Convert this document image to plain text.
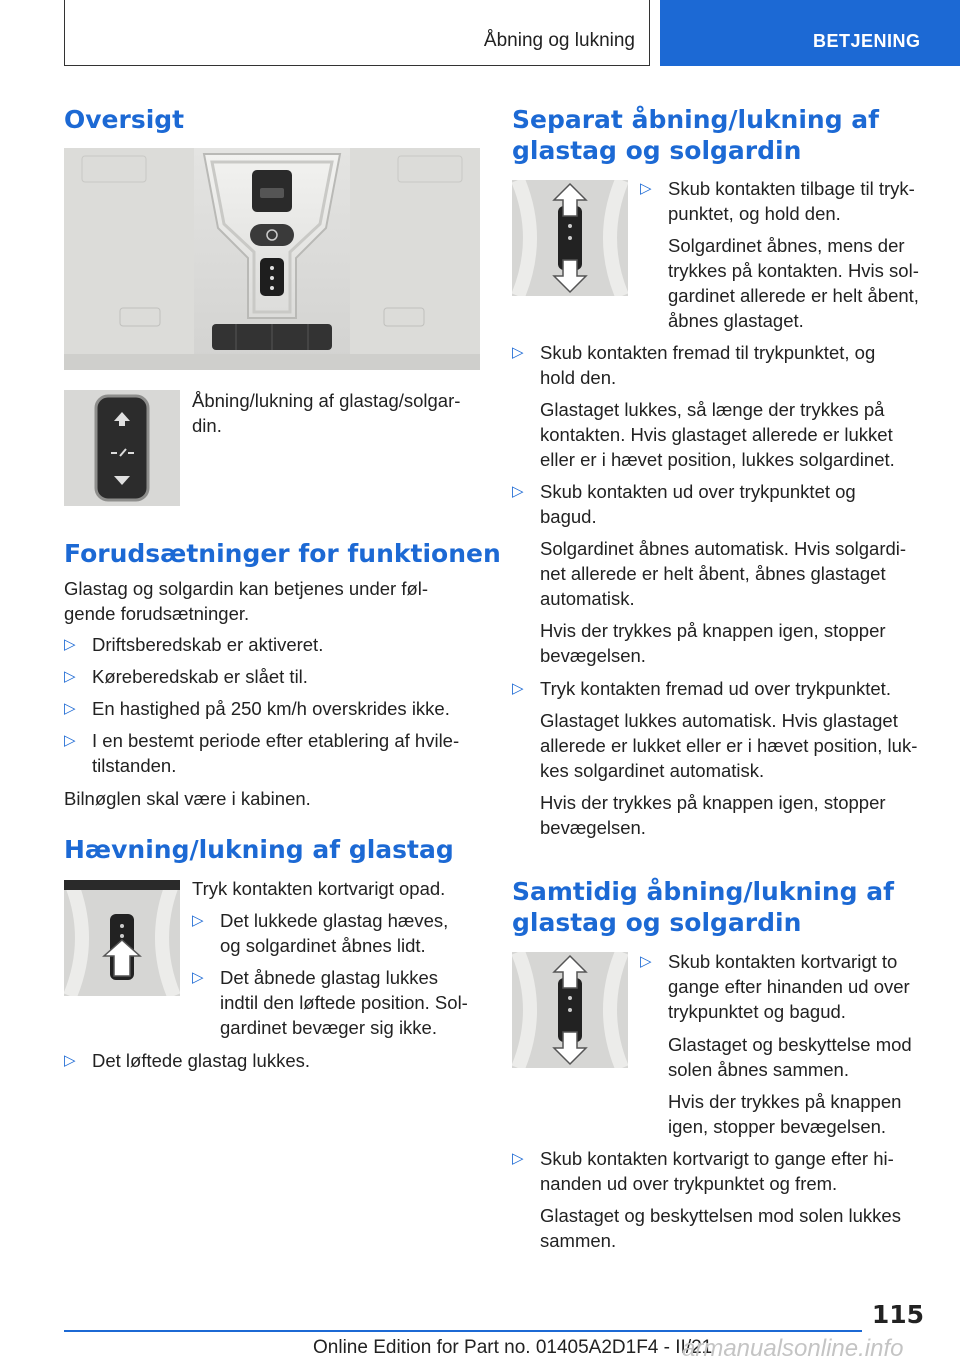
Åbning og lukning	BETJENING
Oversigt
Åbning/lukning af glastag/solgar-
din.
Forudsætninger for funktionen
Glastag og solgardin kan betjenes under føl-
gende forudsætninger.
▷ Driftsberedskab er aktiveret.
▷ Køreberedskab er slået til.
▷ En hastighed på 250 km/h overskrides ikke.
▷ I en bestemt periode efter etablering af hvile-
tilstanden.
Bilnøglen skal være i kabinen.
Hævning/lukning af glastag
Tryk kontakten kortvarigt opad.
▷ Det lukkede glastag hæves,
og solgardinet åbnes lidt.
▷ Det åbnede glastag lukkes
indtil den løftede position. Sol-
gardinet bevæger sig ikke.
▷ Det løftede glastag lukkes.
Separat åbning/lukning af
glastag og solgardin
▷ Skub kontakten tilbage til tryk-
punktet, og hold den.
Solgardinet åbnes, mens der
trykkes på kontakten. Hvis sol-
gardinet allerede er helt åbent,
åbnes glastaget.
▷ Skub kontakten fremad til trykpunktet, og
hold den.
Glastaget lukkes, så længe der trykkes på
kontakten. Hvis glastaget allerede er lukket
eller er i hævet position, lukkes solgardinet.
▷ Skub kontakten ud over trykpunktet og
bagud.
Solgardinet åbnes automatisk. Hvis solgardi-
net allerede er helt åbent, åbnes glastaget
automatisk.
Hvis der trykkes på knappen igen, stopper
bevægelsen.
▷ Tryk kontakten fremad ud over trykpunktet.
Glastaget lukkes automatisk. Hvis glastaget
allerede er lukket eller er i hævet position, luk-
kes solgardinet automatisk.
Hvis der trykkes på knappen igen, stopper
bevægelsen.
Samtidig åbning/lukning af
glastag og solgardin
▷ Skub kontakten kortvarigt to
gange efter hinanden ud over
trykpunktet og bagud.
Glastaget og beskyttelse mod
solen åbnes sammen.
Hvis der trykkes på knappen
igen, stopper bevægelsen.
▷ Skub kontakten kortvarigt to gange efter hi-
nanden ud over trykpunktet og frem.
Glastaget og beskyttelsen mod solen lukkes
sammen.
115
Online Edition for Part no. 01405A2D1F4 - II/21
armanualsonline.info
